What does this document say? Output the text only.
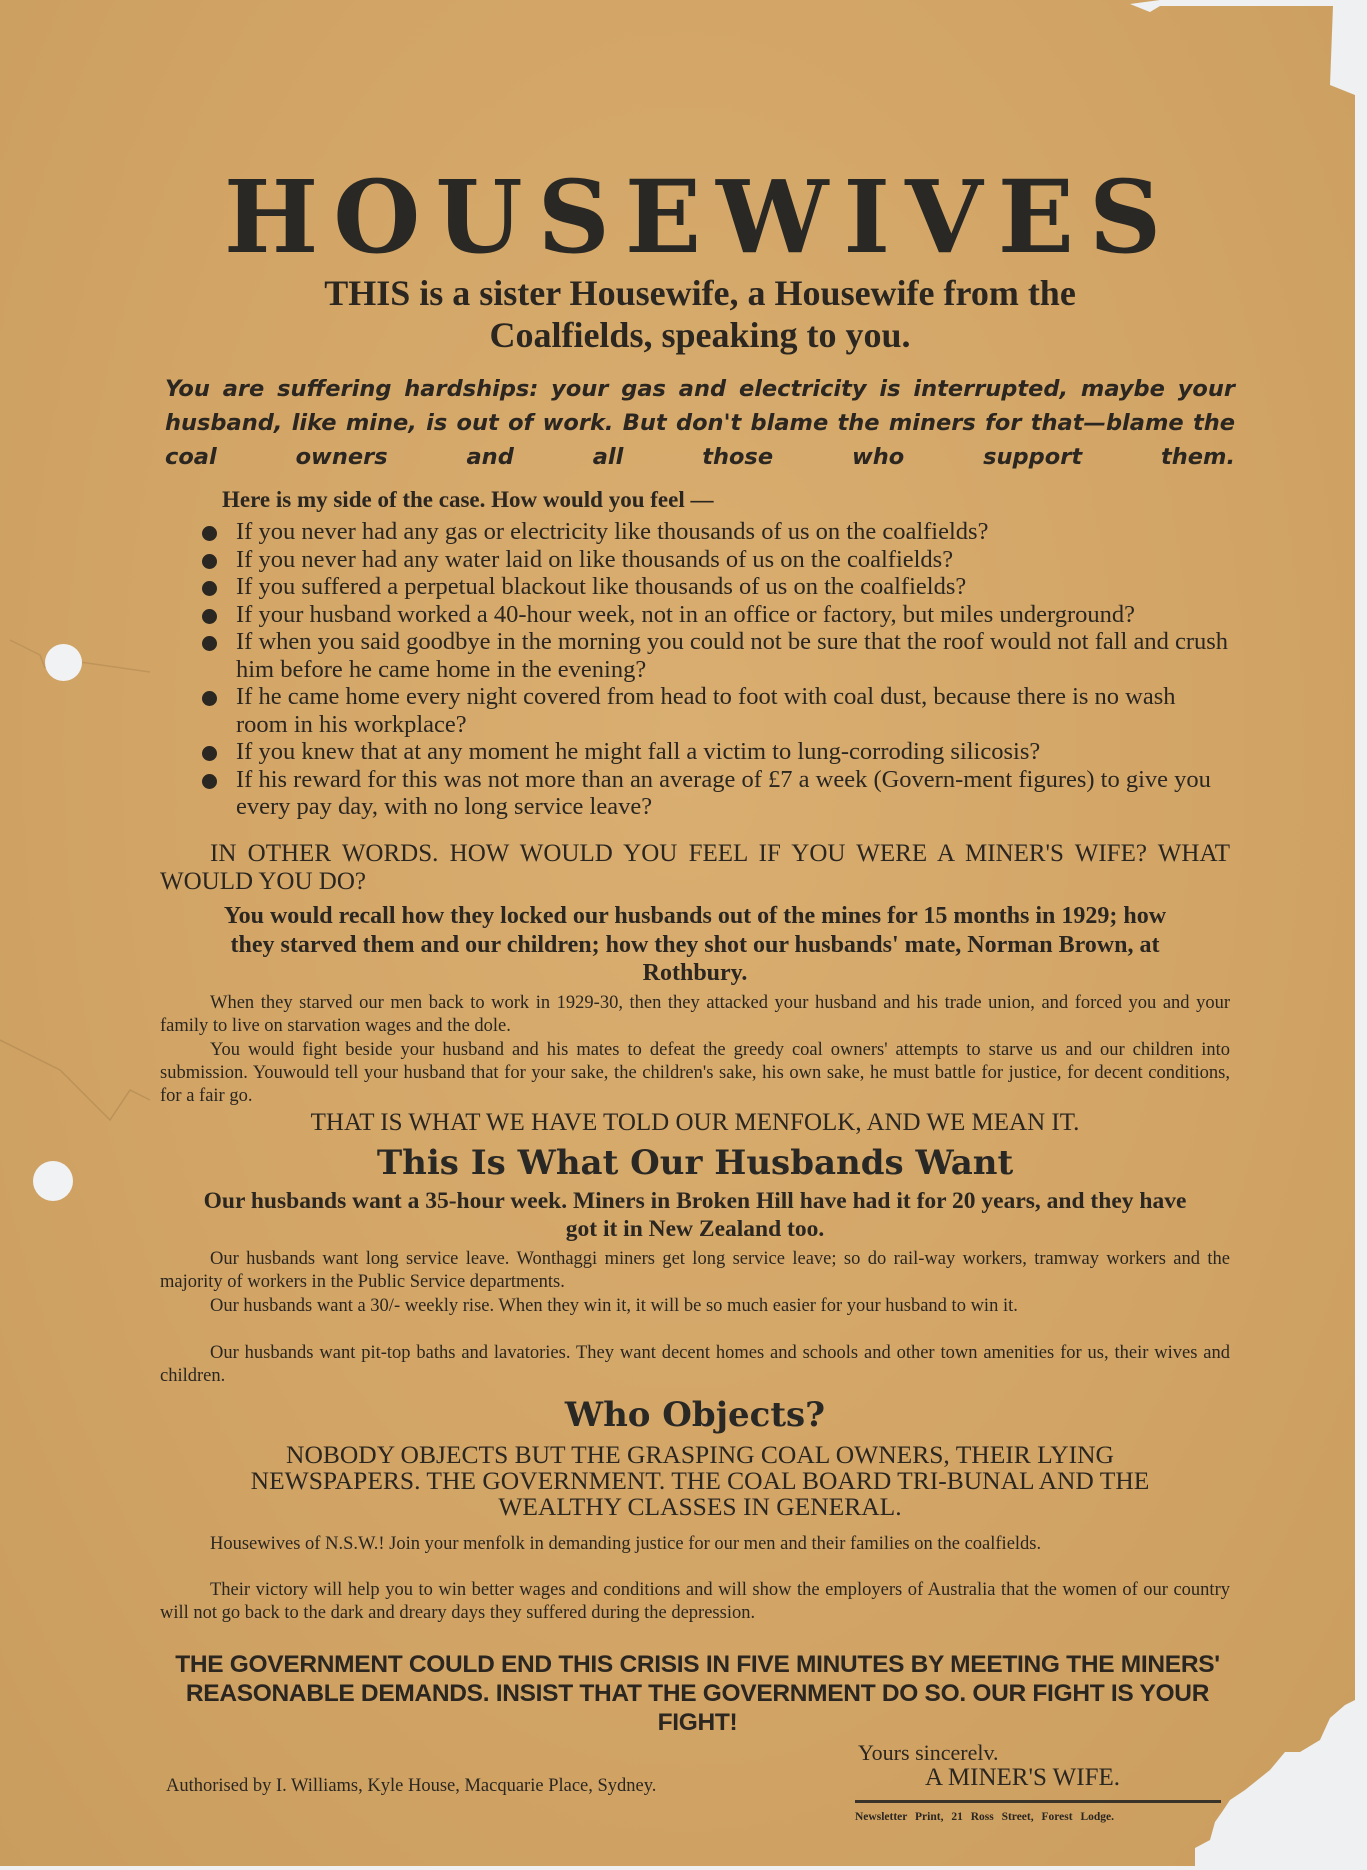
HOUSEWIVES
THIS is a sister Housewife, a Housewife from the Coalfields, speaking to you.
You are suffering hardships: your gas and electricity is interrupted, maybe your husband, like mine, is out of work. But don't blame the miners for that—blame the coal owners and all those who support them.
Here is my side of the case. How would you feel —
If you never had any gas or electricity like thousands of us on the coalfields?
If you never had any water laid on like thousands of us on the coalfields?
If you suffered a perpetual blackout like thousands of us on the coalfields?
If your husband worked a 40-hour week, not in an office or factory, but miles underground?
If when you said goodbye in the morning you could not be sure that the roof would not fall and crush him before he came home in the evening?
If he came home every night covered from head to foot with coal dust, because there is no wash room in his workplace?
If you knew that at any moment he might fall a victim to lung-corroding silicosis?
If his reward for this was not more than an average of £7 a week (Govern-ment figures) to give you every pay day, with no long service leave?
IN OTHER WORDS. HOW WOULD YOU FEEL IF YOU WERE A MINER'S WIFE? WHAT WOULD YOU DO?
You would recall how they locked our husbands out of the mines for 15 months in 1929; how they starved them and our children; how they shot our husbands' mate, Norman Brown, at Rothbury.
When they starved our men back to work in 1929-30, then they attacked your husband and his trade union, and forced you and your family to live on starvation wages and the dole.
You would fight beside your husband and his mates to defeat the greedy coal owners' attempts to starve us and our children into submission. Youwould tell your husband that for your sake, the children's sake, his own sake, he must battle for justice, for decent conditions, for a fair go.
THAT IS WHAT WE HAVE TOLD OUR MENFOLK, AND WE MEAN IT.
This Is What Our Husbands Want
Our husbands want a 35-hour week. Miners in Broken Hill have had it for 20 years, and they have got it in New Zealand too.
Our husbands want long service leave. Wonthaggi miners get long service leave; so do rail-way workers, tramway workers and the majority of workers in the Public Service departments.
Our husbands want a 30/- weekly rise. When they win it, it will be so much easier for your husband to win it.
Our husbands want pit-top baths and lavatories. They want decent homes and schools and other town amenities for us, their wives and children.
Who Objects?
NOBODY OBJECTS BUT THE GRASPING COAL OWNERS, THEIR LYING NEWSPAPERS. THE GOVERNMENT. THE COAL BOARD TRI-BUNAL AND THE WEALTHY CLASSES IN GENERAL.
Housewives of N.S.W.! Join your menfolk in demanding justice for our men and their families on the coalfields.
Their victory will help you to win better wages and conditions and will show the employers of Australia that the women of our country will not go back to the dark and dreary days they suffered during the depression.
THE GOVERNMENT COULD END THIS CRISIS IN FIVE MINUTES BY MEETING THE MINERS' REASONABLE DEMANDS. INSIST THAT THE GOVERNMENT DO SO. OUR FIGHT IS YOUR FIGHT!
Yours sincerelv.
A MINER'S WIFE.
Authorised by I. Williams, Kyle House, Macquarie Place, Sydney.
Newsletter Print, 21 Ross Street, Forest Lodge.
